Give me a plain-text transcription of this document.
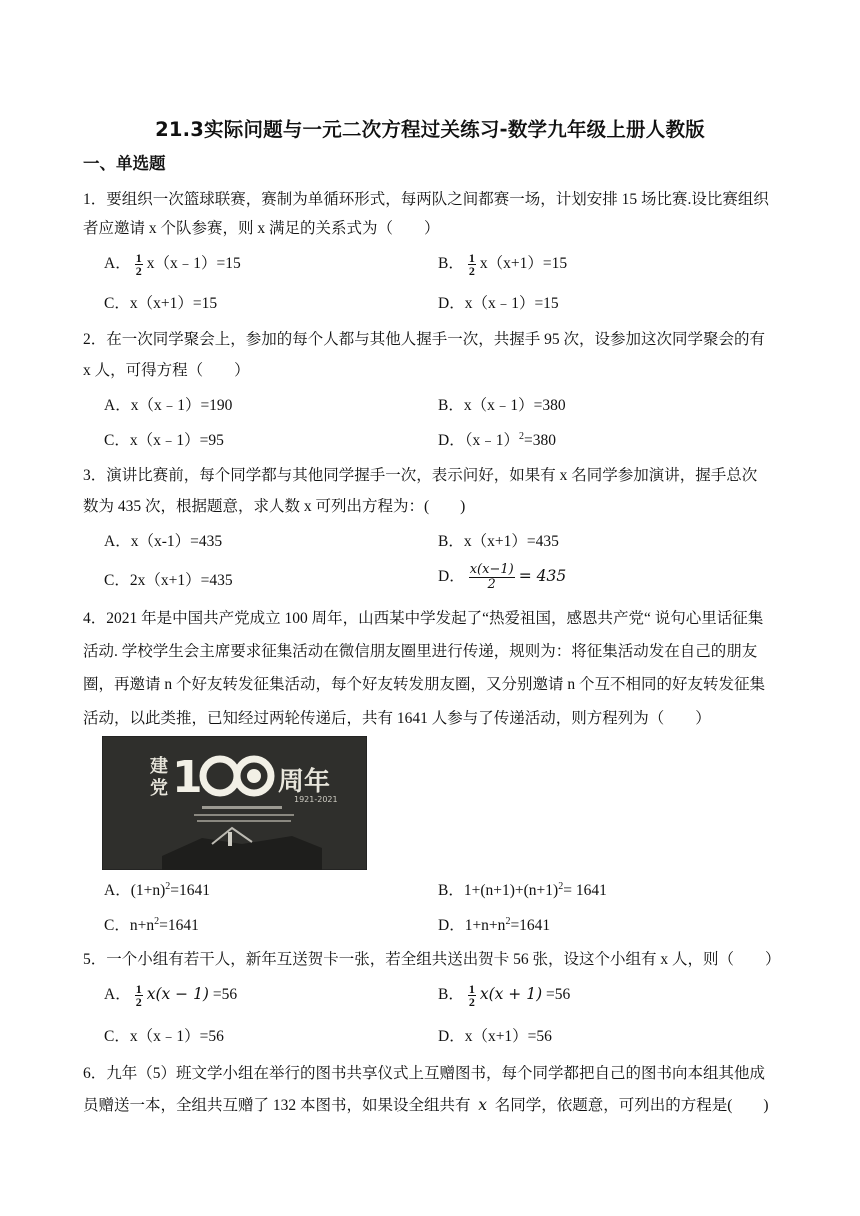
21.3实际问题与一元二次方程过关练习-数学九年级上册人教版
一、单选题
1．要组织一次篮球联赛，赛制为单循环形式，每两队之间都赛一场，计划安排 15 场比赛.设比赛组织
者应邀请 x 个队参赛，则 x 满足的关系式为（　　）
A． $\frac{1}{2}$ x（x﹣1）=15	B． $\frac{1}{2} x(x+1)=15$
C．x（x+1）=15	D．x（x﹣1）=15
2．在一次同学聚会上，参加的每个人都与其他人握手一次，共握手 95 次，设参加这次同学聚会的有
x 人，可得方程（　　）
A．x（x﹣1）=190	B．x（x﹣1）=380
C．x（x﹣1）=95	D．（x﹣1）$^2$=380
3．演讲比赛前，每个同学都与其他同学握手一次，表示问好，如果有 x 名同学参加演讲，握手总次
数为 435 次，根据题意，求人数 x 可列出方程为：(　　)
A．x（x-1）=435	B．x（x+1）=435
C．2x（x+1）=435	D． $\frac{x(x-1)}{2} = 435$
4．2021 年是中国共产党成立 100 周年，山西某中学发起了“热爱祖国，感恩共产党“ 说句心里话征集
活动. 学校学生会主席要求征集活动在微信朋友圈里进行传递，规则为：将征集活动发在自己的朋友
圈，再邀请 n 个好友转发征集活动，每个好友转发朋友圈，又分别邀请 n 个互不相同的好友转发征集
活动，以此类推，已知经过两轮传递后，共有 1641 人参与了传递活动，则方程列为（　　）
建
党 1	周年
1921-2021
A．$(1+n)^2=1641$	B．$1+(n+1)+(n+1)^2= 1641$
C．$n+n^2=1641$	D．$1+n+n^2=1641$
5．一个小组有若干人，新年互送贺卡一张，若全组共送出贺卡 56 张，设这个小组有 x 人，则（　　）
A． $\frac{1}{2} x(x - 1) =56$	B． $\frac{1}{2} x(x + 1) =56$
C．x（x﹣1）=56	D．x（x+1）=56
6．九年（5）班文学小组在举行的图书共享仪式上互赠图书，每个同学都把自己的图书向本组其他成
员赠送一本，全组共互赠了 132 本图书，如果设全组共有 x 名同学，依题意，可列出的方程是(　　)
